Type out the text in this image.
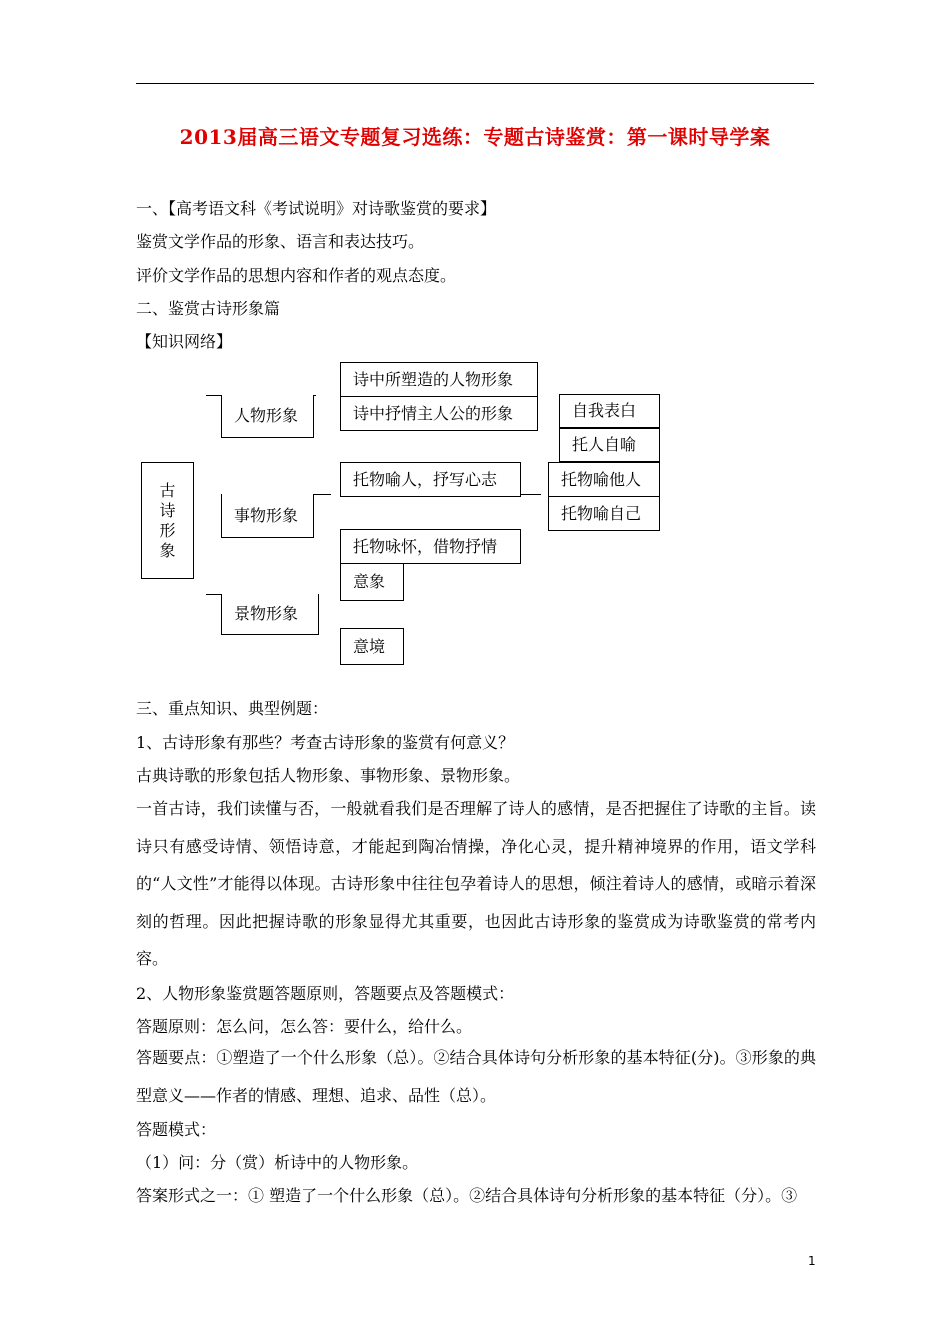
2013届高三语文专题复习选练：专题古诗鉴赏：第一课时导学案
一、【高考语文科《考试说明》对诗歌鉴赏的要求】
鉴赏文学作品的形象、语言和表达技巧。
评价文学作品的思想内容和作者的观点态度。
二、鉴赏古诗形象篇
【知识网络】
古
诗
形
象
人物形象
事物形象
景物形象
诗中所塑造的人物形象
诗中抒情主人公的形象	自我表白
托人自喻
托物喻人，抒写心志	托物喻他人
托物喻自己
托物咏怀，借物抒情
意象
意境
三、重点知识、典型例题：
1、古诗形象有那些？考查古诗形象的鉴赏有何意义？
古典诗歌的形象包括人物形象、事物形象、景物形象。
一首古诗，我们读懂与否，一般就看我们是否理解了诗人的感情，是否把握住了诗歌的主旨。读诗只有感受诗情、领悟诗意，才能起到陶冶情操，净化心灵，提升精神境界的作用，语文学科的“人文性”才能得以体现。古诗形象中往往包孕着诗人的思想，倾注着诗人的感情，或暗示着深刻的哲理。因此把握诗歌的形象显得尤其重要，也因此古诗形象的鉴赏成为诗歌鉴赏的常考内容。
2、人物形象鉴赏题答题原则，答题要点及答题模式：
答题原则：怎么问，怎么答：要什么，给什么。
答题要点：①塑造了一个什么形象（总）。②结合具体诗句分析形象的基本特征(分)。③形象的典型意义——作者的情感、理想、追求、品性（总）。
答题模式：
（1）问：分（赏）析诗中的人物形象。
答案形式之一：① 塑造了一个什么形象（总）。②结合具体诗句分析形象的基本特征（分）。③
1
